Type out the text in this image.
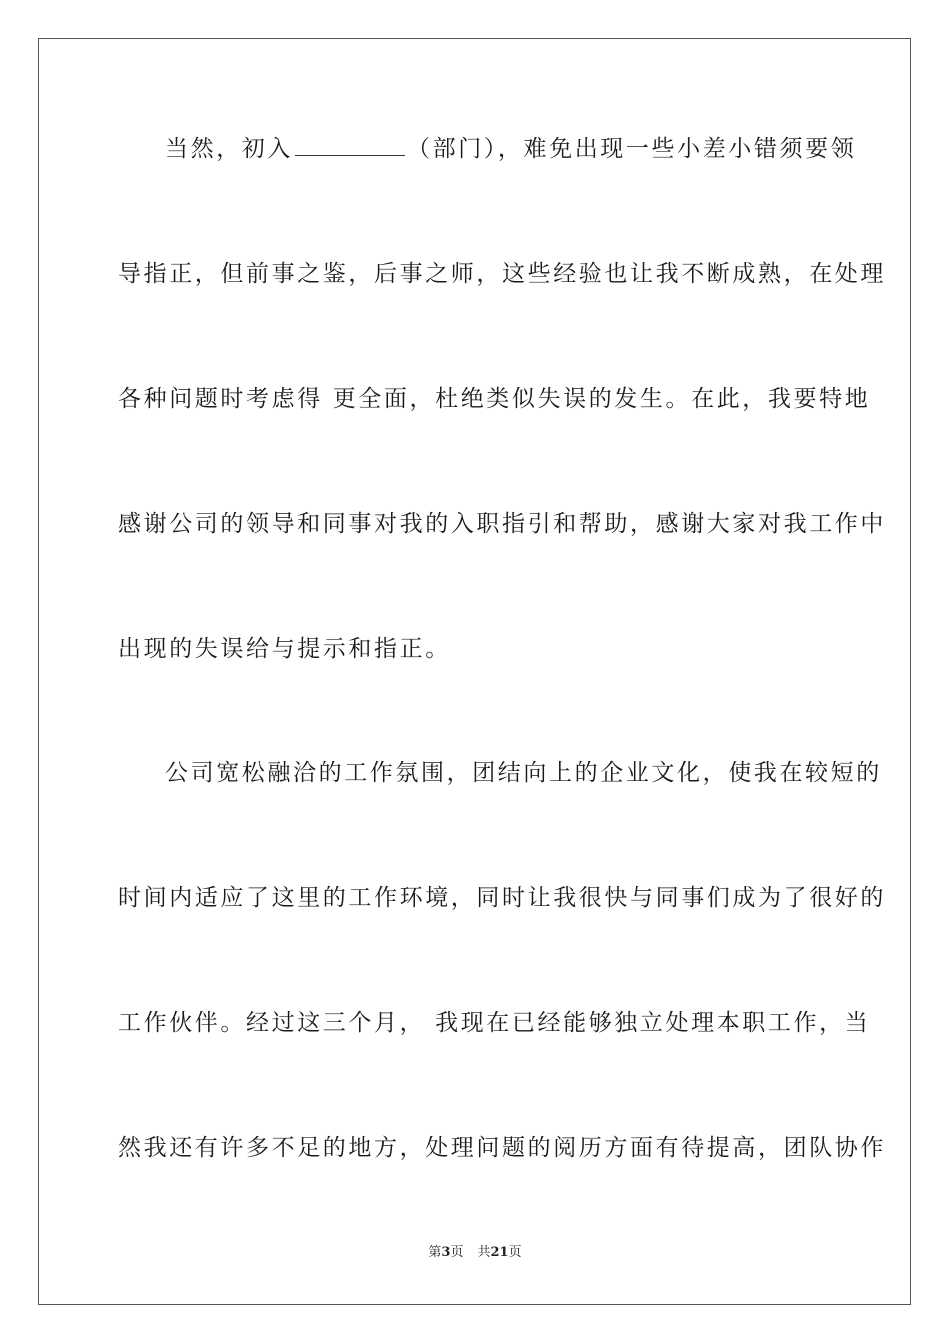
当然，初入	（部门），难免出现一些小差小错须要领
导指正，但前事之鉴，后事之师，这些经验也让我不断成熟，在处理
各种问题时考虑得 更全面，杜绝类似失误的发生。在此，我要特地
感谢公司的领导和同事对我的入职指引和帮助，感谢大家对我工作中
出现的失误给与提示和指正。
公司宽松融洽的工作氛围，团结向上的企业文化，使我在较短的
时间内适应了这里的工作环境，同时让我很快与同事们成为了很好的
工作伙伴。经过这三个月， 我现在已经能够独立处理本职工作，当
然我还有许多不足的地方，处理问题的阅历方面有待提高，团队协作
第3页 共21页
